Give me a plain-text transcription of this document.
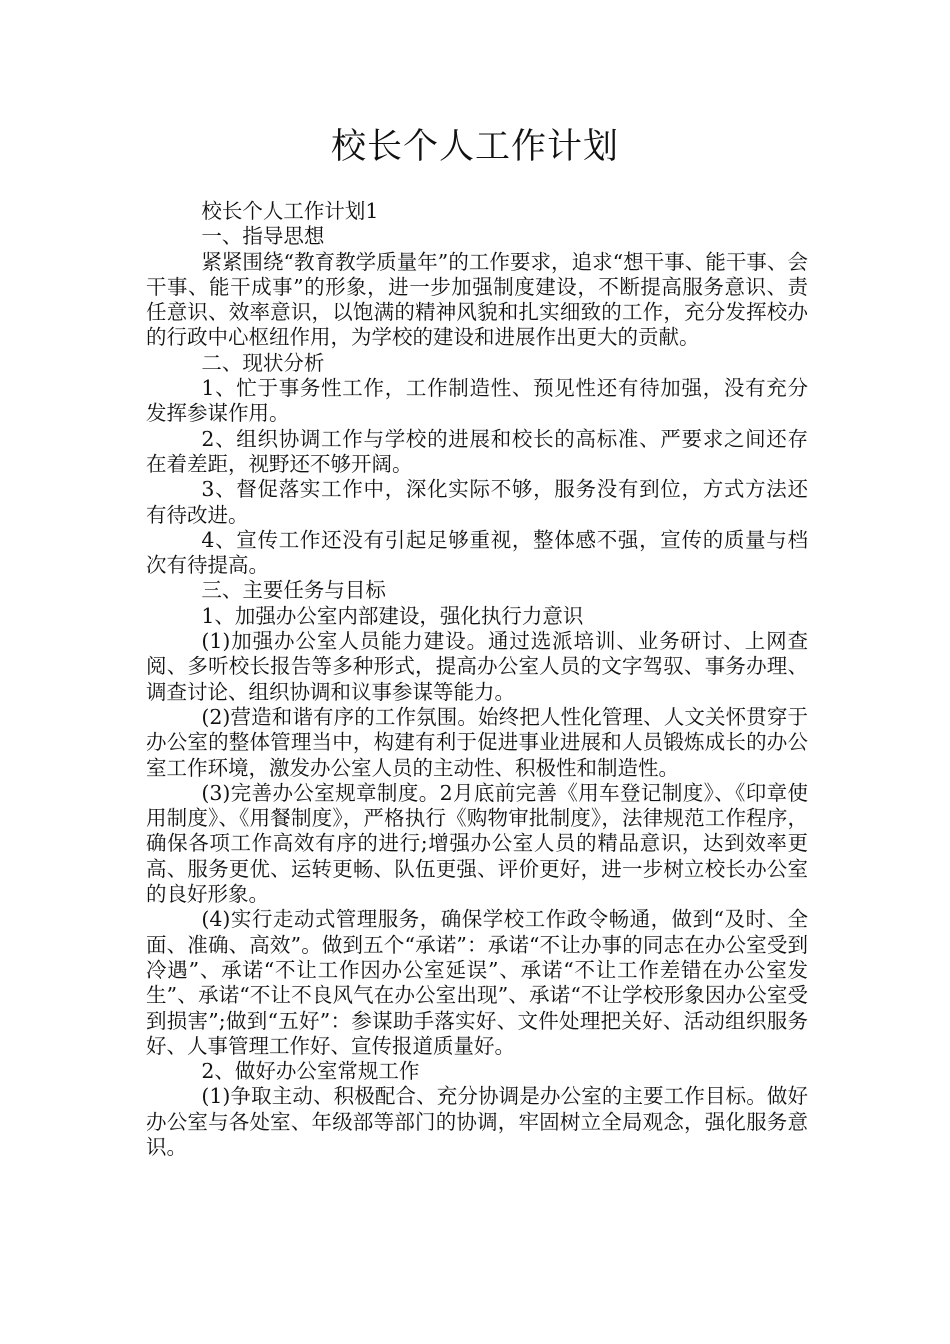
校长个人工作计划

校长个人工作计划1

一、指导思想

紧紧围绕“教育教学质量年”的工作要求，追求“想干事、能干事、会干事、能干成事”的形象，进一步加强制度建设，不断提高服务意识、责任意识、效率意识，以饱满的精神风貌和扎实细致的工作，充分发挥校办的行政中心枢纽作用，为学校的建设和进展作出更大的贡献。

二、现状分析

1、忙于事务性工作，工作制造性、预见性还有待加强，没有充分发挥参谋作用。

2、组织协调工作与学校的进展和校长的高标准、严要求之间还存在着差距，视野还不够开阔。

3、督促落实工作中，深化实际不够，服务没有到位，方式方法还有待改进。

4、宣传工作还没有引起足够重视，整体感不强，宣传的质量与档次有待提高。

三、主要任务与目标

1、加强办公室内部建设，强化执行力意识

(1)加强办公室人员能力建设。通过选派培训、业务研讨、上网查阅、多听校长报告等多种形式，提高办公室人员的文字驾驭、事务办理、调查讨论、组织协调和议事参谋等能力。

(2)营造和谐有序的工作氛围。始终把人性化管理、人文关怀贯穿于办公室的整体管理当中，构建有利于促进事业进展和人员锻炼成长的办公室工作环境，激发办公室人员的主动性、积极性和制造性。

(3)完善办公室规章制度。2月底前完善《用车登记制度》、《印章使用制度》、《用餐制度》，严格执行《购物审批制度》，法律规范工作程序，确保各项工作高效有序的进行;增强办公室人员的精品意识，达到效率更高、服务更优、运转更畅、队伍更强、评价更好，进一步树立校长办公室的良好形象。

(4)实行走动式管理服务，确保学校工作政令畅通，做到“及时、全面、准确、高效”。做到五个“承诺”：承诺“不让办事的同志在办公室受到冷遇”、承诺“不让工作因办公室延误”、承诺“不让工作差错在办公室发生”、承诺“不让不良风气在办公室出现”、承诺“不让学校形象因办公室受到损害”;做到“五好”：参谋助手落实好、文件处理把关好、活动组织服务好、人事管理工作好、宣传报道质量好。

2、做好办公室常规工作

(1)争取主动、积极配合、充分协调是办公室的主要工作目标。做好办公室与各处室、年级部等部门的协调，牢固树立全局观念，强化服务意识。
